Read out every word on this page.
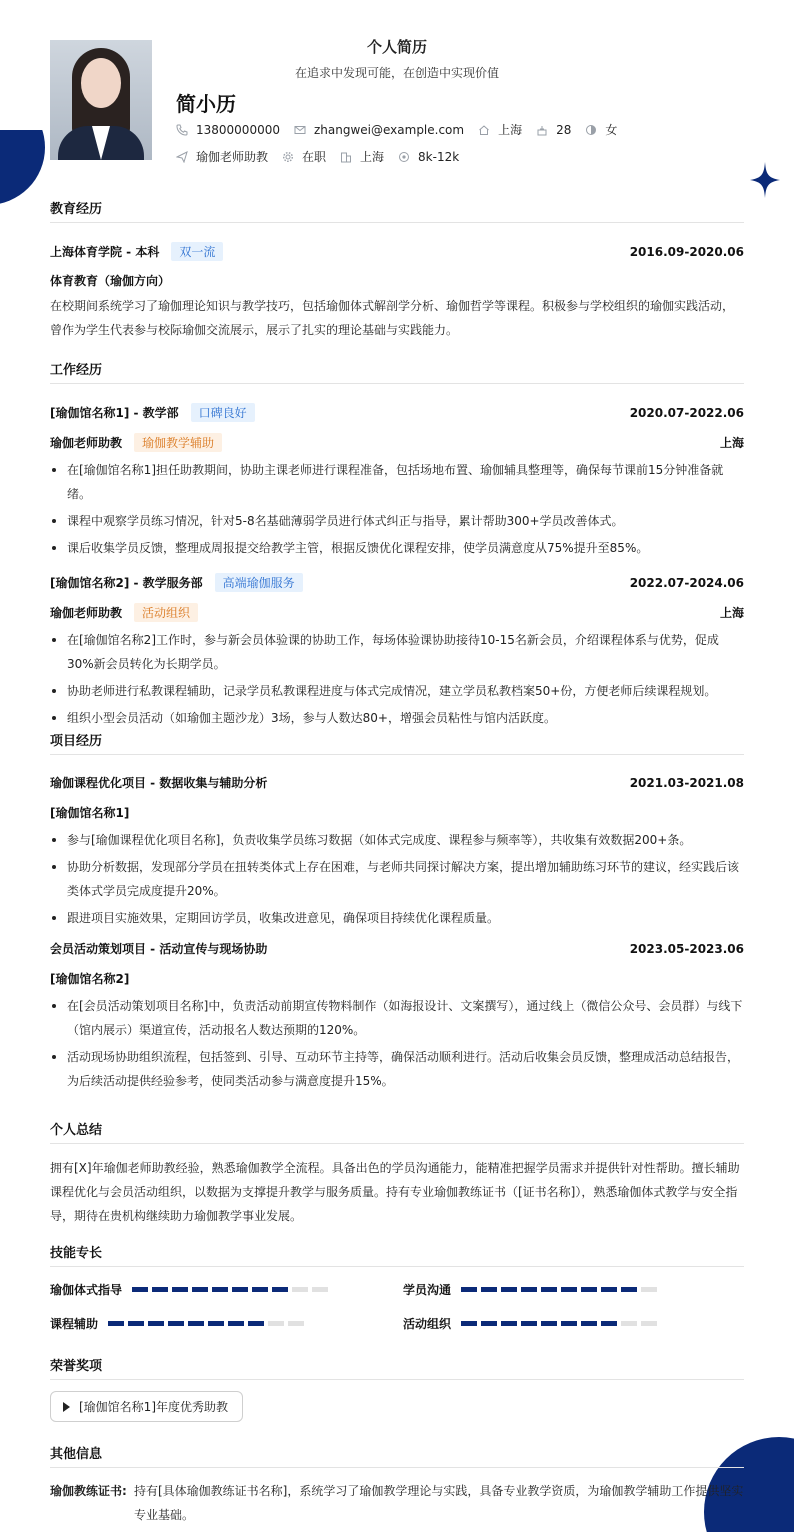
个人简历
在追求中发现可能，在创造中实现价值
简小历
13800000000	zhangwei@example.com	上海	28	女
瑜伽老师助教	在职	上海	8k-12k
教育经历
上海体育学院 - 本科	双一流	2016.09-2020.06
体育教育（瑜伽方向）
在校期间系统学习了瑜伽理论知识与教学技巧，包括瑜伽体式解剖学分析、瑜伽哲学等课程。积极参与学校组织的瑜伽实践活动，曾作为学生代表参与校际瑜伽交流展示，展示了扎实的理论基础与实践能力。
工作经历
[瑜伽馆名称1] - 教学部	口碑良好	2020.07-2022.06
瑜伽老师助教	瑜伽教学辅助	上海
在[瑜伽馆名称1]担任助教期间，协助主课老师进行课程准备，包括场地布置、瑜伽辅具整理等，确保每节课前15分钟准备就绪。
课程中观察学员练习情况，针对5-8名基础薄弱学员进行体式纠正与指导，累计帮助300+学员改善体式。
课后收集学员反馈，整理成周报提交给教学主管，根据反馈优化课程安排，使学员满意度从75%提升至85%。
[瑜伽馆名称2] - 教学服务部	高端瑜伽服务	2022.07-2024.06
瑜伽老师助教	活动组织	上海
在[瑜伽馆名称2]工作时，参与新会员体验课的协助工作，每场体验课协助接待10-15名新会员，介绍课程体系与优势，促成30%新会员转化为长期学员。
协助老师进行私教课程辅助，记录学员私教课程进度与体式完成情况，建立学员私教档案50+份，方便老师后续课程规划。
组织小型会员活动（如瑜伽主题沙龙）3场，参与人数达80+，增强会员粘性与馆内活跃度。
项目经历
瑜伽课程优化项目 - 数据收集与辅助分析	2021.03-2021.08
[瑜伽馆名称1]
参与[瑜伽课程优化项目名称]，负责收集学员练习数据（如体式完成度、课程参与频率等），共收集有效数据200+条。
协助分析数据，发现部分学员在扭转类体式上存在困难，与老师共同探讨解决方案，提出增加辅助练习环节的建议，经实践后该类体式学员完成度提升20%。
跟进项目实施效果，定期回访学员，收集改进意见，确保项目持续优化课程质量。
会员活动策划项目 - 活动宣传与现场协助	2023.05-2023.06
[瑜伽馆名称2]
在[会员活动策划项目名称]中，负责活动前期宣传物料制作（如海报设计、文案撰写），通过线上（微信公众号、会员群）与线下（馆内展示）渠道宣传，活动报名人数达预期的120%。
活动现场协助组织流程，包括签到、引导、互动环节主持等，确保活动顺利进行。活动后收集会员反馈，整理成活动总结报告，为后续活动提供经验参考，使同类活动参与满意度提升15%。
个人总结
拥有[X]年瑜伽老师助教经验，熟悉瑜伽教学全流程。具备出色的学员沟通能力，能精准把握学员需求并提供针对性帮助。擅长辅助课程优化与会员活动组织，以数据为支撑提升教学与服务质量。持有专业瑜伽教练证书（[证书名称]），熟悉瑜伽体式教学与安全指导，期待在贵机构继续助力瑜伽教学事业发展。
技能专长
瑜伽体式指导	学员沟通
课程辅助	活动组织
荣誉奖项
[瑜伽馆名称1]年度优秀助教
其他信息
瑜伽教练证书: 持有[具体瑜伽教练证书名称]，系统学习了瑜伽教学理论与实践，具备专业教学资质，为瑜伽教学辅助工作提供坚实专业基础。
